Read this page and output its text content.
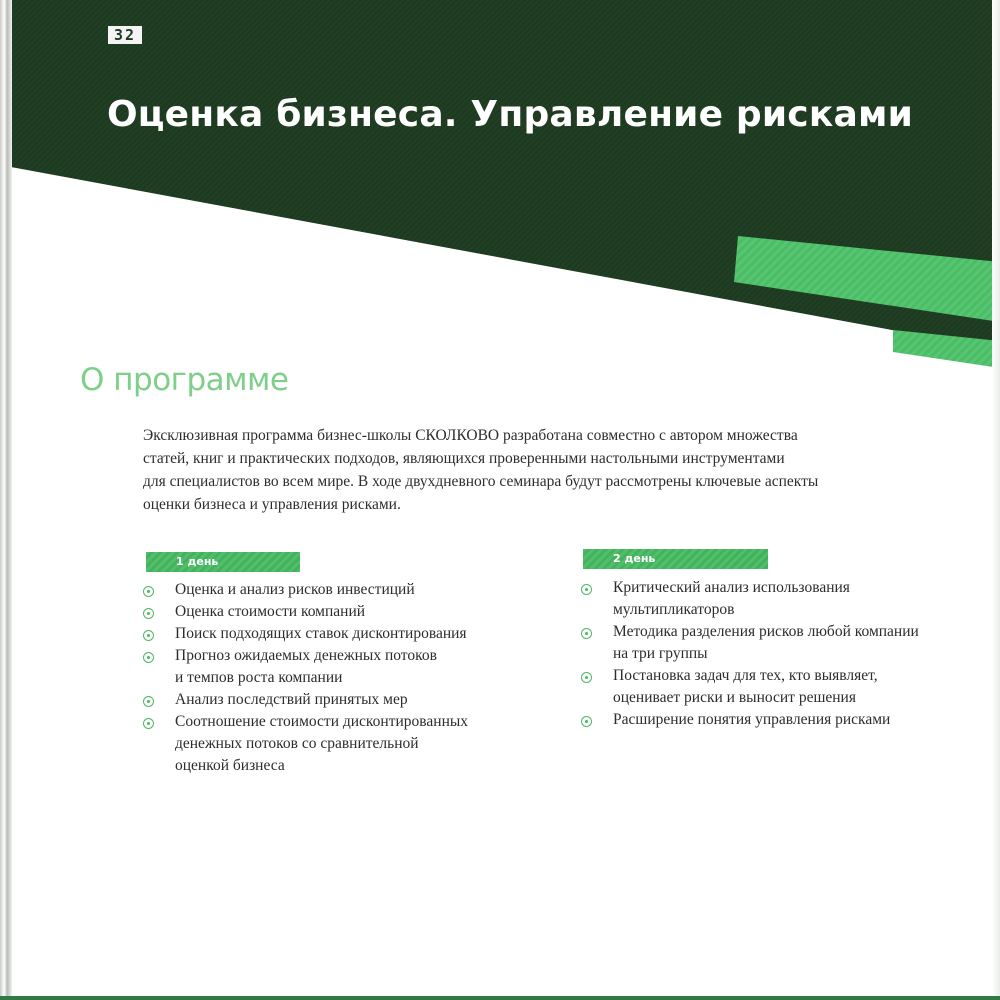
32
Оценка бизнеса. Управление рисками
О программе
Эксклюзивная программа бизнес-школы СКОЛКОВО разработана совместно с автором множества
статей, книг и практических подходов, являющихся проверенными настольными инструментами
для специалистов во всем мире. В ходе двухдневного семинара будут рассмотрены ключевые аспекты
оценки бизнеса и управления рисками.
1 день	2 день
Оценка и анализ рисков инвестиций
Оценка стоимости компаний
Поиск подходящих ставок дисконтирования
Прогноз ожидаемых денежных потоков
и темпов роста компании
Анализ последствий принятых мер
Соотношение стоимости дисконтированных
денежных потоков со сравнительной
оценкой бизнеса
Критический анализ использования
мультипликаторов
Методика разделения рисков любой компании
на три группы
Постановка задач для тех, кто выявляет,
оценивает риски и выносит решения
Расширение понятия управления рисками
